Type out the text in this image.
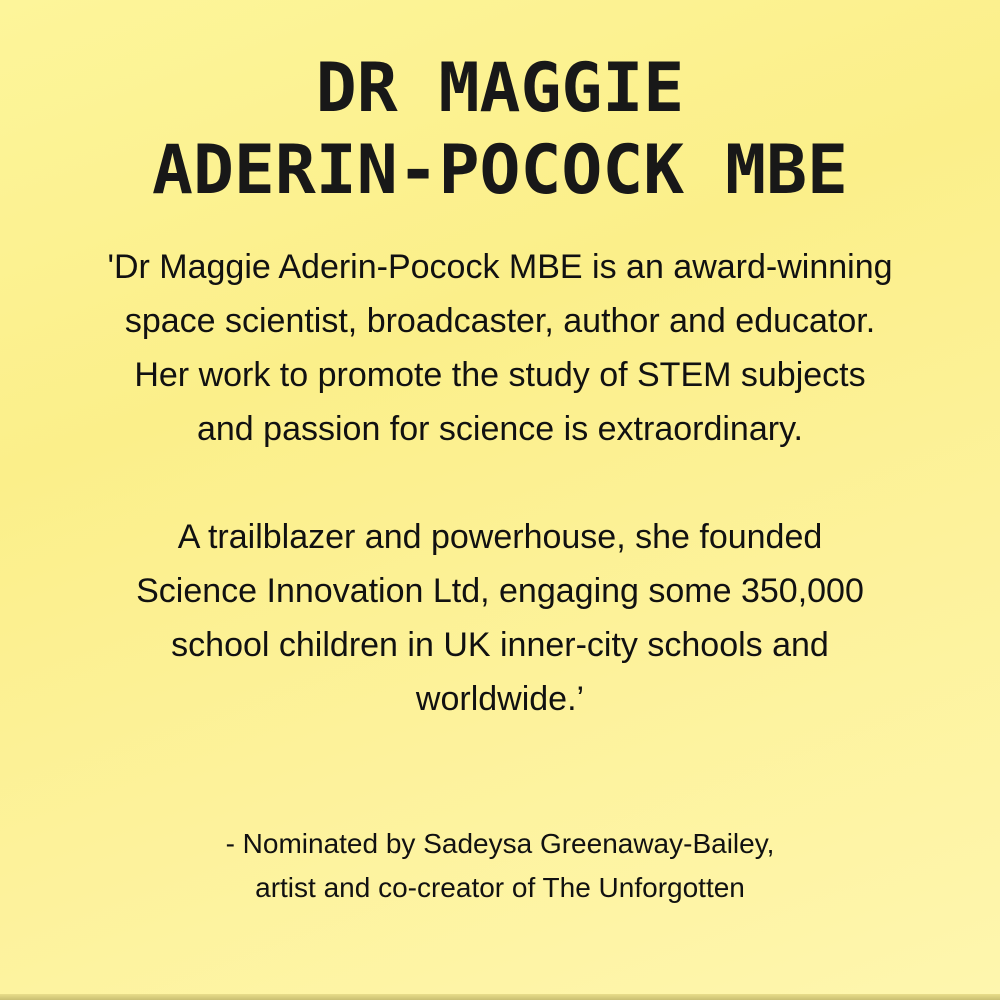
DR MAGGIE
ADERIN-POCOCK MBE

'Dr Maggie Aderin-Pocock MBE is an award-winning
space scientist, broadcaster, author and educator.
Her work to promote the study of STEM subjects
and passion for science is extraordinary.

A trailblazer and powerhouse, she founded
Science Innovation Ltd, engaging some 350,000
school children in UK inner-city schools and
worldwide.’

- Nominated by Sadeysa Greenaway-Bailey,
artist and co-creator of The Unforgotten
